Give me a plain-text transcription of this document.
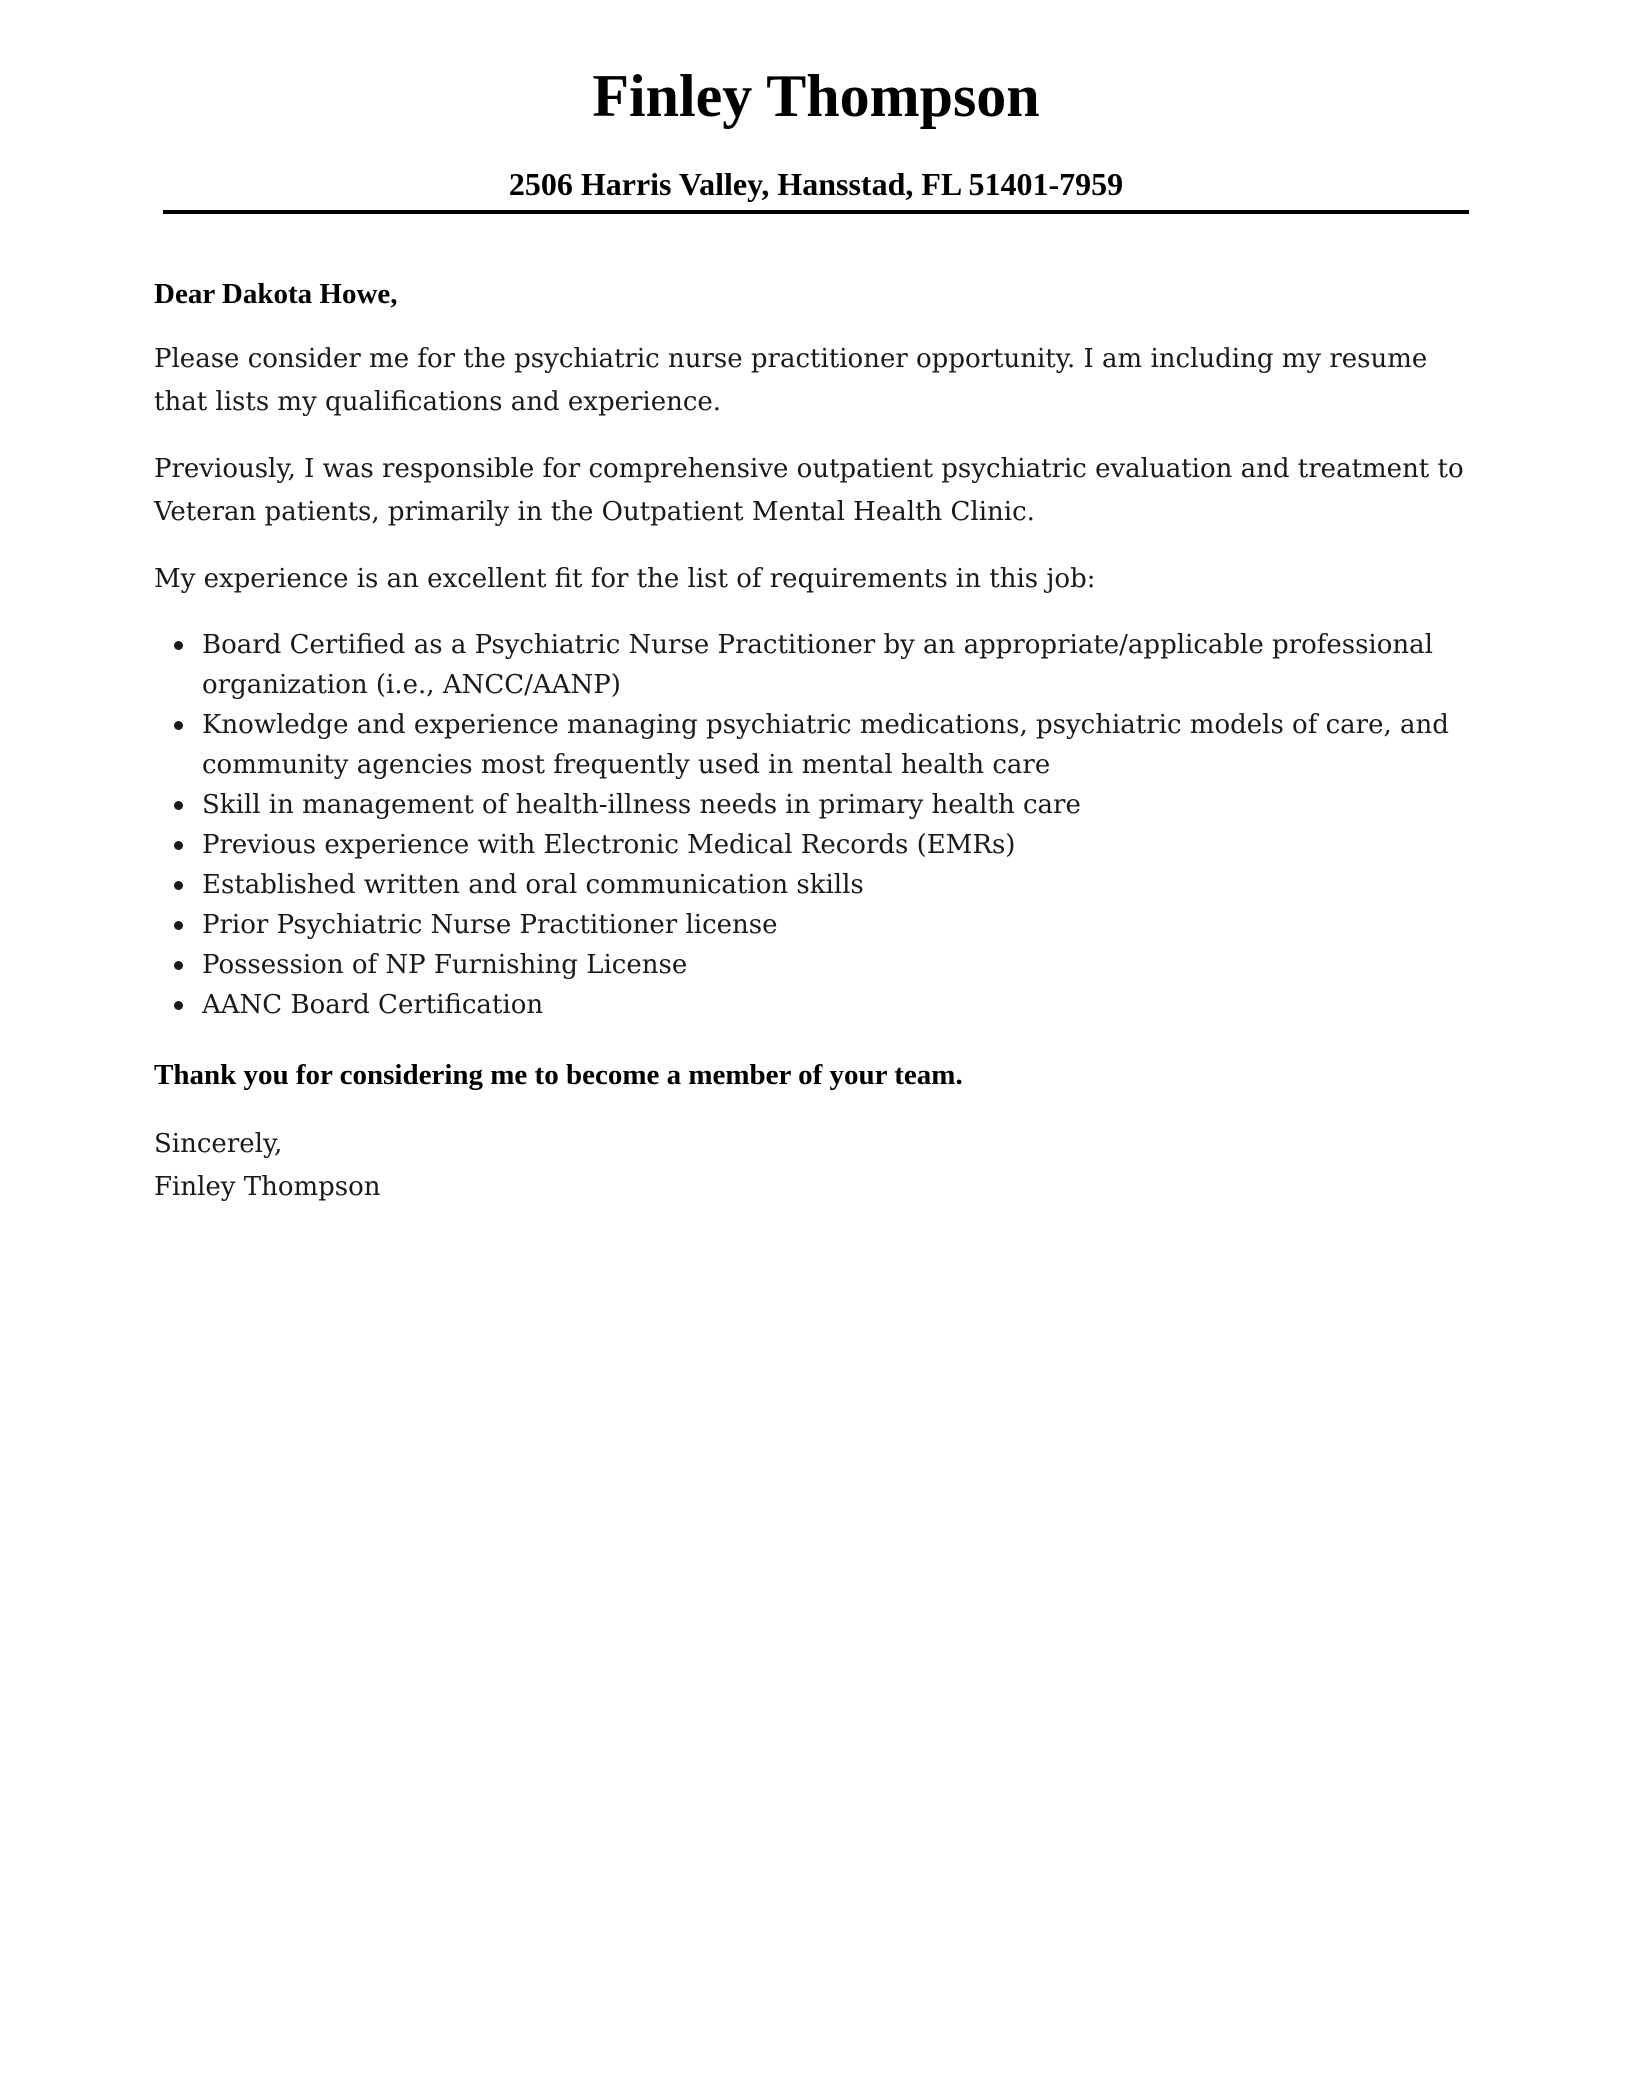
Finley Thompson
2506 Harris Valley, Hansstad, FL 51401-7959
Dear Dakota Howe,

Please consider me for the psychiatric nurse practitioner opportunity. I am including my resume that lists my qualifications and experience.

Previously, I was responsible for comprehensive outpatient psychiatric evaluation and treatment to Veteran patients, primarily in the Outpatient Mental Health Clinic.

My experience is an excellent fit for the list of requirements in this job:

Board Certified as a Psychiatric Nurse Practitioner by an appropriate/applicable professional organization (i.e., ANCC/AANP)
Knowledge and experience managing psychiatric medications, psychiatric models of care, and community agencies most frequently used in mental health care
Skill in management of health-illness needs in primary health care
Previous experience with Electronic Medical Records (EMRs)
Established written and oral communication skills
Prior Psychiatric Nurse Practitioner license
Possession of NP Furnishing License
AANC Board Certification
Thank you for considering me to become a member of your team.
Sincerely,
Finley Thompson
